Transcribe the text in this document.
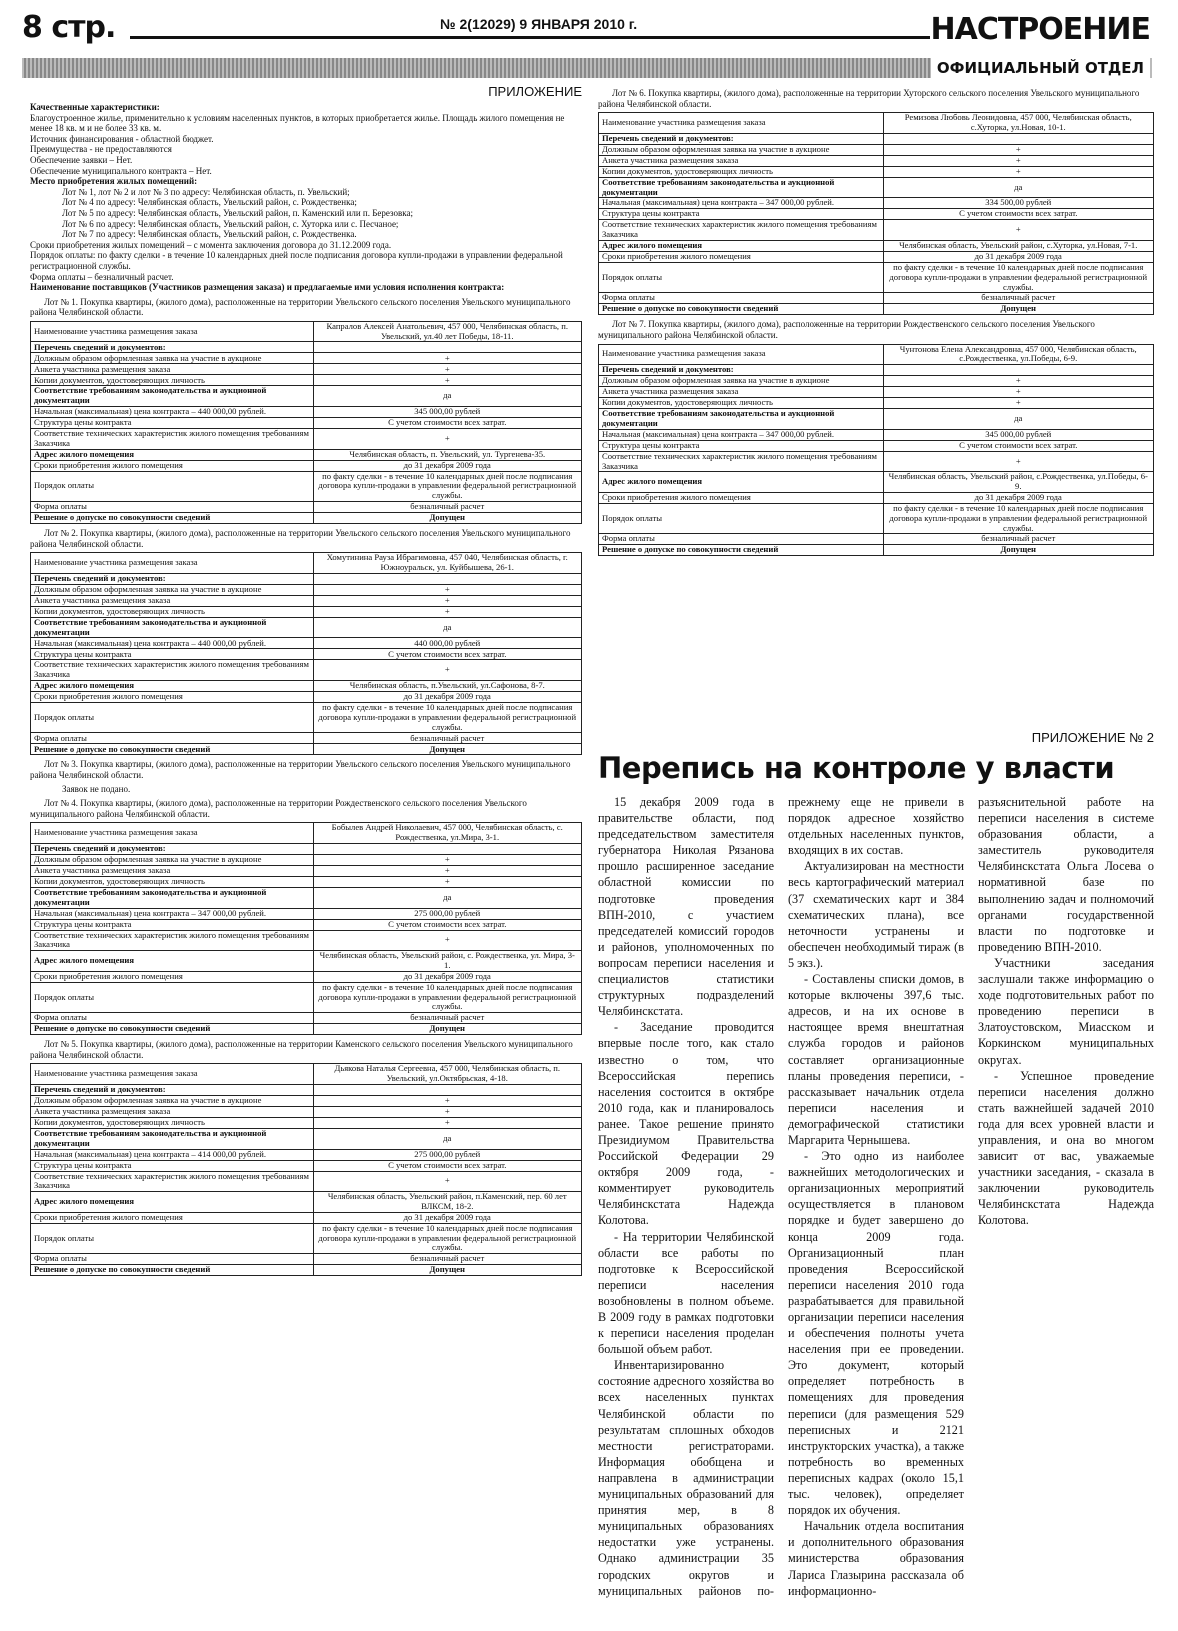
8 стр.	№ 2(12029) 9 ЯНВАРЯ 2010 г.	НАСТРОЕНИЕ
ОФИЦИАЛЬНЫЙ ОТДЕЛ
ПРИЛОЖЕНИЕ

Качественные характеристики:

Благоустроенное жилье, применительно к условиям населенных пунктов, в которых приобретается жилье. Площадь жилого помещения не менее 18 кв. м и не более 33 кв. м.

Источник финансирования - областной бюджет.

Преимущества - не предоставляются

Обеспечение заявки – Нет.

Обеспечение муниципального контракта – Нет.

Место приобретения жилых помещений:

Лот № 1, лот № 2 и лот № 3 по адресу: Челябинская область, п. Увельский;

Лот № 4 по адресу: Челябинская область, Увельский район, с. Рождественка;

Лот № 5 по адресу: Челябинская область, Увельский район, п. Каменский или п. Березовка;

Лот № 6 по адресу: Челябинская область, Увельский район, с. Хуторка или с. Песчаное;

Лот № 7 по адресу: Челябинская область, Увельский район, с. Рождественка.

Сроки приобретения жилых помещений – с момента заключения договора до 31.12.2009 года.

Порядок оплаты: по факту сделки - в течение 10 календарных дней после подписания договора купли-продажи в управлении федеральной регистрационной службы.

Форма оплаты – безналичный расчет.

Наименование поставщиков (Участников размещения заказа) и предлагаемые ими условия исполнения контракта:

Лот № 1. Покупка квартиры, (жилого дома), расположенные на территории Увельского сельского поселения Увельского муниципального района Челябинской области.

Наименование участника размещения заказа	Капралов Алексей Анатольевич, 457 000, Челябинская область, п. Увельский, ул.40 лет Победы, 18-11.
Перечень сведений и документов:	
Должным образом оформленная заявка на участие в аукционе	+
Анкета участника размещения заказа	+
Копии документов, удостоверяющих личность	+
Соответствие требованиям законодательства и аукционной документации	да
Начальная (максимальная) цена контракта – 440 000,00 рублей.	345 000,00 рублей
Структура цены контракта	С учетом стоимости всех затрат.
Соответствие технических характеристик жилого помещения требованиям Заказчика	+
Адрес жилого помещения	Челябинская область, п. Увельский, ул. Тургенева-35.
Сроки приобретения жилого помещения	до 31 декабря 2009 года
Порядок оплаты	по факту сделки - в течение 10 календарных дней после подписания договора купли-продажи в управлении федеральной регистрационной службы.
Форма оплаты	безналичный расчет
Решение о допуске по совокупности сведений	Допущен

Лот № 2. Покупка квартиры, (жилого дома), расположенные на территории Увельского сельского поселения Увельского муниципального района Челябинской области.

Наименование участника размещения заказа	Хомутинина Рауза Ибрагимовна, 457 040, Челябинская область, г. Южноуральск, ул. Куйбышева, 26-1.
Перечень сведений и документов:	
Должным образом оформленная заявка на участие в аукционе	+
Анкета участника размещения заказа	+
Копии документов, удостоверяющих личность	+
Соответствие требованиям законодательства и аукционной документации	да
Начальная (максимальная) цена контракта – 440 000,00 рублей.	440 000,00 рублей
Структура цены контракта	С учетом стоимости всех затрат.
Соответствие технических характеристик жилого помещения требованиям Заказчика	+
Адрес жилого помещения	Челябинская область, п.Увельский, ул.Сафонова, 8-7.
Сроки приобретения жилого помещения	до 31 декабря 2009 года
Порядок оплаты	по факту сделки - в течение 10 календарных дней после подписания договора купли-продажи в управлении федеральной регистрационной службы.
Форма оплаты	безналичный расчет
Решение о допуске по совокупности сведений	Допущен

Лот № 3. Покупка квартиры, (жилого дома), расположенные на территории Увельского сельского поселения Увельского муниципального района Челябинской области.

Заявок не подано.

Лот № 4. Покупка квартиры, (жилого дома), расположенные на территории Рождественского сельского поселения Увельского муниципального района Челябинской области.

Наименование участника размещения заказа	Бобылев Андрей Николаевич, 457 000, Челябинская область, с. Рождественка, ул.Мира, 3-1.
Перечень сведений и документов:	
Должным образом оформленная заявка на участие в аукционе	+
Анкета участника размещения заказа	+
Копии документов, удостоверяющих личность	+
Соответствие требованиям законодательства и аукционной документации	да
Начальная (максимальная) цена контракта – 347 000,00 рублей.	275 000,00 рублей
Структура цены контракта	С учетом стоимости всех затрат.
Соответствие технических характеристик жилого помещения требованиям Заказчика	+
Адрес жилого помещения	Челябинская область, Увельский район, с. Рождественка, ул. Мира, 3-1.
Сроки приобретения жилого помещения	до 31 декабря 2009 года
Порядок оплаты	по факту сделки - в течение 10 календарных дней после подписания договора купли-продажи в управлении федеральной регистрационной службы.
Форма оплаты	безналичный расчет
Решение о допуске по совокупности сведений	Допущен

Лот № 5. Покупка квартиры, (жилого дома), расположенные на территории Каменского сельского поселения Увельского муниципального района Челябинской области.

Наименование участника размещения заказа	Дьякова Наталья Сергеевна, 457 000, Челябинская область, п. Увельский, ул.Октябрьская, 4-18.
Перечень сведений и документов:	
Должным образом оформленная заявка на участие в аукционе	+
Анкета участника размещения заказа	+
Копии документов, удостоверяющих личность	+
Соответствие требованиям законодательства и аукционной документации	да
Начальная (максимальная) цена контракта – 414 000,00 рублей.	275 000,00 рублей
Структура цены контракта	С учетом стоимости всех затрат.
Соответствие технических характеристик жилого помещения требованиям Заказчика	+
Адрес жилого помещения	Челябинская область, Увельский район, п.Каменский, пер. 60 лет ВЛКСМ, 18-2.
Сроки приобретения жилого помещения	до 31 декабря 2009 года
Порядок оплаты	по факту сделки - в течение 10 календарных дней после подписания договора купли-продажи в управлении федеральной регистрационной службы.
Форма оплаты	безналичный расчет
Решение о допуске по совокупности сведений	Допущен

Лот № 6. Покупка квартиры, (жилого дома), расположенные на территории Хуторского сельского поселения Увельского муниципального района Челябинской области.

Наименование участника размещения заказа	Ремизова Любовь Леонидовна, 457 000, Челябинская область, с.Хуторка, ул.Новая, 10-1.
Перечень сведений и документов:	
Должным образом оформленная заявка на участие в аукционе	+
Анкета участника размещения заказа	+
Копии документов, удостоверяющих личность	+
Соответствие требованиям законодательства и аукционной документации	да
Начальная (максимальная) цена контракта – 347 000,00 рублей.	334 500,00 рублей
Структура цены контракта	С учетом стоимости всех затрат.
Соответствие технических характеристик жилого помещения требованиям Заказчика	+
Адрес жилого помещения	Челябинская область, Увельский район, с.Хуторка, ул.Новая, 7-1.
Сроки приобретения жилого помещения	до 31 декабря 2009 года
Порядок оплаты	по факту сделки - в течение 10 календарных дней после подписания договора купли-продажи в управлении федеральной регистрационной службы.
Форма оплаты	безналичный расчет
Решение о допуске по совокупности сведений	Допущен

Лот № 7. Покупка квартиры, (жилого дома), расположенные на территории Рождественского сельского поселения Увельского муниципального района Челябинской области.

Наименование участника размещения заказа	Чунтонова Елена Александровна, 457 000, Челябинская область, с.Рождественка, ул.Победы, 6-9.
Перечень сведений и документов:	
Должным образом оформленная заявка на участие в аукционе	+
Анкета участника размещения заказа	+
Копии документов, удостоверяющих личность	+
Соответствие требованиям законодательства и аукционной документации	да
Начальная (максимальная) цена контракта – 347 000,00 рублей.	345 000,00 рублей
Структура цены контракта	С учетом стоимости всех затрат.
Соответствие технических характеристик жилого помещения требованиям Заказчика	+
Адрес жилого помещения	Челябинская область, Увельский район, с.Рождественка, ул.Победы, 6-9.
Сроки приобретения жилого помещения	до 31 декабря 2009 года
Порядок оплаты	по факту сделки - в течение 10 календарных дней после подписания договора купли-продажи в управлении федеральной регистрационной службы.
Форма оплаты	безналичный расчет
Решение о допуске по совокупности сведений	Допущен
ПРИЛОЖЕНИЕ № 2
Перепись на контроле у власти

15 декабря 2009 года в правительстве области, под председательством заместителя губернатора Николая Рязанова прошло расширенное заседание областной комиссии по подготовке проведения ВПН-2010, с участием председателей комиссий городов и районов, уполномоченных по вопросам переписи населения и специалистов статистики структурных подразделений Челябинскстата.

- Заседание проводится впервые после того, как стало известно о том, что Всероссийская перепись населения состоится в октябре 2010 года, как и планировалось ранее. Такое решение принято Президиумом Правительства Российской Федерации 29 октября 2009 года, - комментирует руководитель Челябинскстата Надежда Колотова.

- На территории Челябинской области все работы по подготовке к Всероссийской переписи населения возобновлены в полном объеме. В 2009 году в рамках подготовки к переписи населения проделан большой объем работ.

Инвентаризированно состояние адресного хозяйства во всех населенных пунктах Челябинской области по результатам сплошных обходов местности регистраторами. Информация обобщена и направлена в администрации муниципальных образований для принятия мер, в 8 муниципальных образованиях недостатки уже устранены. Однако администрации 35 городских округов и муниципальных районов по-прежнему еще не привели в порядок адресное хозяйство отдельных населенных пунктов, входящих в их состав.

Актуализирован на местности весь картографический материал (37 схематических карт и 384 схематических плана), все неточности устранены и обеспечен необходимый тираж (в 5 экз.).

- Составлены списки домов, в которые включены 397,6 тыс. адресов, и на их основе в настоящее время внештатная служба городов и районов составляет организационные планы проведения переписи, - рассказывает начальник отдела переписи населения и демографической статистики Маргарита Чернышева.

- Это одно из наиболее важнейших методологических и организационных мероприятий осуществляется в плановом порядке и будет завершено до конца 2009 года. Организационный план проведения Всероссийской переписи населения 2010 года разрабатывается для правильной организации переписи населения и обеспечения полноты учета населения при ее проведении. Это документ, который определяет потребность в помещениях для проведения переписи (для размещения 529 переписных и 2121 инструкторских участка), а также потребность во временных переписных кадрах (около 15,1 тыс. человек), определяет порядок их обучения.

Начальник отдела воспитания и дополнительного образования министерства образования Лариса Глазырина рассказала об информационно-разъяснительной работе на переписи населения в системе образования области, а заместитель руководителя Челябинскстата Ольга Лосева о нормативной базе по выполнению задач и полномочий органами государственной власти по подготовке и проведению ВПН-2010.

Участники заседания заслушали также информацию о ходе подготовительных работ по проведению переписи в Златоустовском, Миасском и Коркинском муниципальных округах.

- Успешное проведение переписи населения должно стать важнейшей задачей 2010 года для всех уровней власти и управления, и она во многом зависит от вас, уважаемые участники заседания, - сказала в заключении руководитель Челябинскстата Надежда Колотова.
